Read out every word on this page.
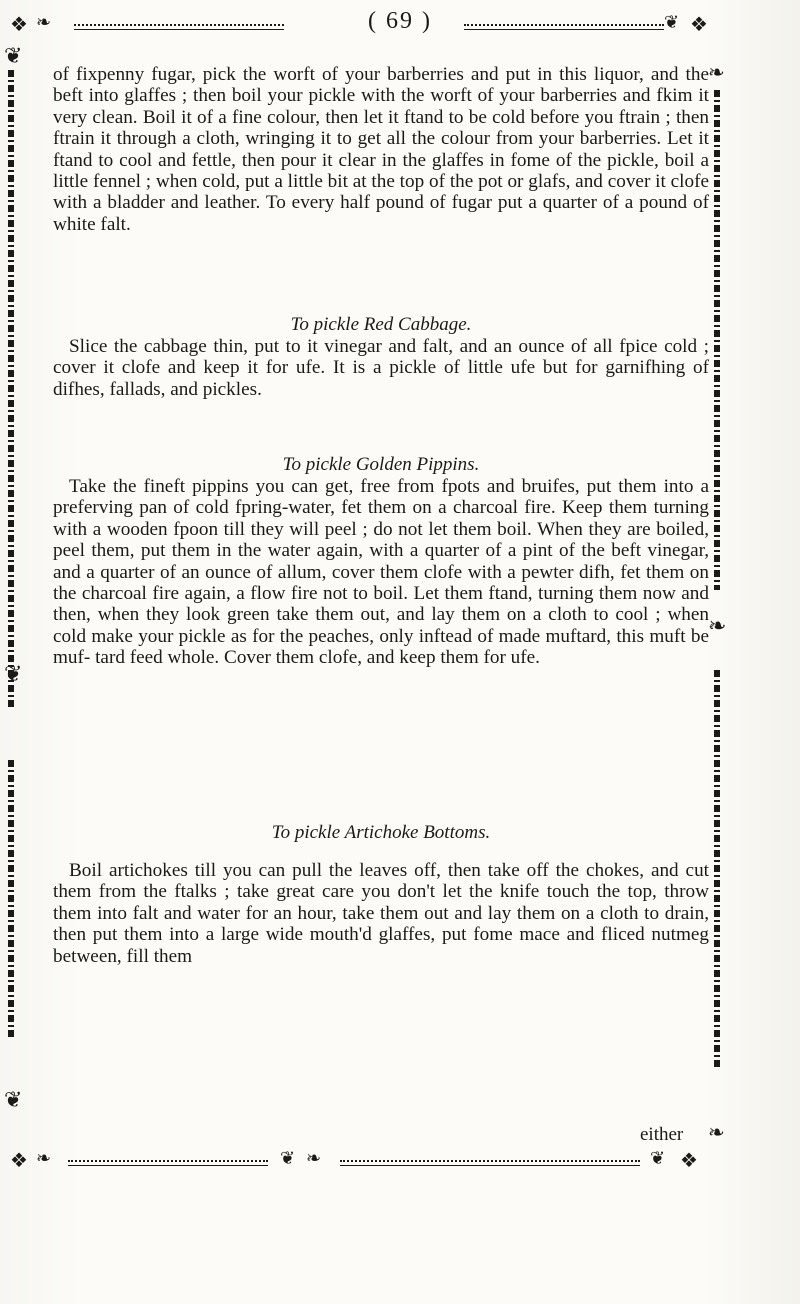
❖ ❧	❦ ❖
( 69 )
❦
❦
❦
❧
❧
❧

of fixpenny fugar, pick the worft of your barberries and put in this liquor, and the beft into glaffes ; then boil your pickle with the worft of your barberries and fkim it very clean. Boil it of a fine colour, then let it ftand to be cold before you ftrain ; then ftrain it through a cloth, wringing it to get all the colour from your barberries. Let it ftand to cool and fettle, then pour it clear in the glaffes in fome of the pickle, boil a little fennel ; when cold, put a little bit at the top of the pot or glafs, and cover it clofe with a bladder and leather. To every half pound of fugar put a quarter of a pound of white falt.

To pickle Red Cabbage.

Slice the cabbage thin, put to it vinegar and falt, and an ounce of all fpice cold ; cover it clofe and keep it for ufe. It is a pickle of little ufe but for garnifhing of difhes, fallads, and pickles.

To pickle Golden Pippins.

Take the fineft pippins you can get, free from fpots and bruifes, put them into a preferving pan of cold fpring-water, fet them on a charcoal fire. Keep them turning with a wooden fpoon till they will peel ; do not let them boil. When they are boiled, peel them, put them in the water again, with a quarter of a pint of the beft vinegar, and a quarter of an ounce of allum, cover them clofe with a pewter difh, fet them on the charcoal fire again, a flow fire not to boil. Let them ftand, turning them now and then, when they look green take them out, and lay them on a cloth to cool ; when cold make your pickle as for the peaches, only inftead of made muftard, this muft be muf- tard feed whole. Cover them clofe, and keep them for ufe.

To pickle Artichoke Bottoms.

Boil artichokes till you can pull the leaves off, then take off the chokes, and cut them from the ftalks ; take great care you don't let the knife touch the top, throw them into falt and water for an hour, take them out and lay them on a cloth to drain, then put them into a large wide mouth'd glaffes, put fome mace and fliced nutmeg between, fill them

either
❖ ❧	❦ ❧	❦ ❖
